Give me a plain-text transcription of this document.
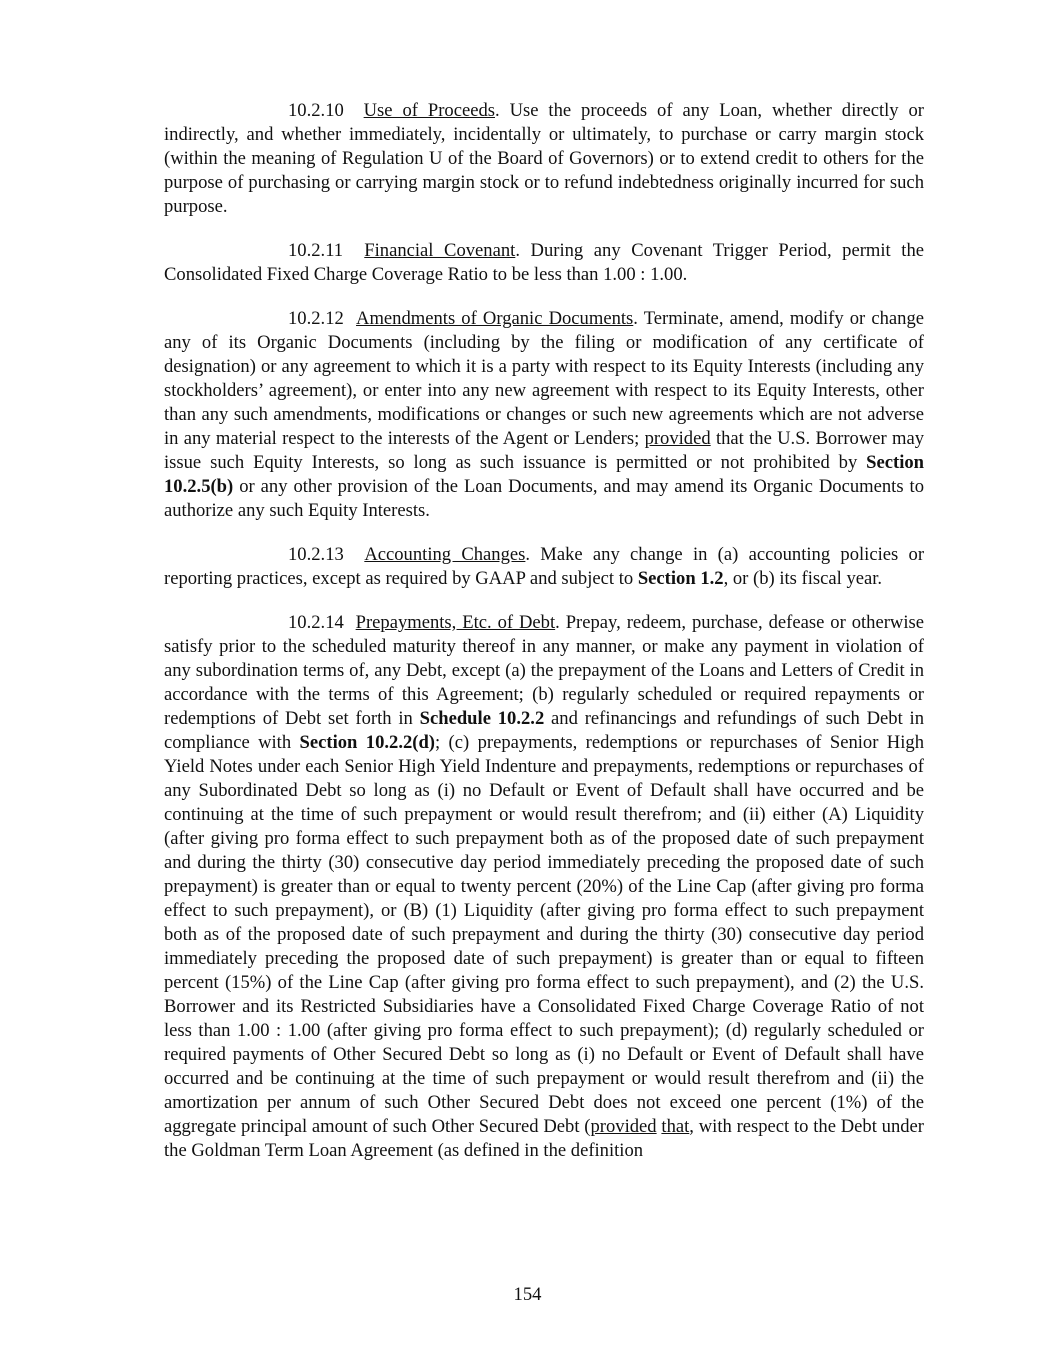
10.2.10 Use of Proceeds. Use the proceeds of any Loan, whether directly or indirectly, and whether immediately, incidentally or ultimately, to purchase or carry margin stock (within the meaning of Regulation U of the Board of Governors) or to extend credit to others for the purpose of purchasing or carrying margin stock or to refund indebtedness originally incurred for such purpose.

10.2.11 Financial Covenant. During any Covenant Trigger Period, permit the Consolidated Fixed Charge Coverage Ratio to be less than 1.00 : 1.00.

10.2.12 Amendments of Organic Documents. Terminate, amend, modify or change any of its Organic Documents (including by the filing or modification of any certificate of designation) or any agreement to which it is a party with respect to its Equity Interests (including any stockholders’ agreement), or enter into any new agreement with respect to its Equity Interests, other than any such amendments, modifications or changes or such new agreements which are not adverse in any material respect to the interests of the Agent or Lenders; provided that the U.S. Borrower may issue such Equity Interests, so long as such issuance is permitted or not prohibited by Section 10.2.5(b) or any other provision of the Loan Documents, and may amend its Organic Documents to authorize any such Equity Interests.

10.2.13 Accounting Changes. Make any change in (a) accounting policies or reporting practices, except as required by GAAP and subject to Section 1.2, or (b) its fiscal year.

10.2.14 Prepayments, Etc. of Debt. Prepay, redeem, purchase, defease or otherwise satisfy prior to the scheduled maturity thereof in any manner, or make any payment in violation of any subordination terms of, any Debt, except (a) the prepayment of the Loans and Letters of Credit in accordance with the terms of this Agreement; (b) regularly scheduled or required repayments or redemptions of Debt set forth in Schedule 10.2.2 and refinancings and refundings of such Debt in compliance with Section 10.2.2(d); (c) prepayments, redemptions or repurchases of Senior High Yield Notes under each Senior High Yield Indenture and prepayments, redemptions or repurchases of any Subordinated Debt so long as (i) no Default or Event of Default shall have occurred and be continuing at the time of such prepayment or would result therefrom; and (ii) either (A) Liquidity (after giving pro forma effect to such prepayment both as of the proposed date of such prepayment and during the thirty (30) consecutive day period immediately preceding the proposed date of such prepayment) is greater than or equal to twenty percent (20%) of the Line Cap (after giving pro forma effect to such prepayment), or (B) (1) Liquidity (after giving pro forma effect to such prepayment both as of the proposed date of such prepayment and during the thirty (30) consecutive day period immediately preceding the proposed date of such prepayment) is greater than or equal to fifteen percent (15%) of the Line Cap (after giving pro forma effect to such prepayment), and (2) the U.S. Borrower and its Restricted Subsidiaries have a Consolidated Fixed Charge Coverage Ratio of not less than 1.00 : 1.00 (after giving pro forma effect to such prepayment); (d) regularly scheduled or required payments of Other Secured Debt so long as (i) no Default or Event of Default shall have occurred and be continuing at the time of such prepayment or would result therefrom and (ii) the amortization per annum of such Other Secured Debt does not exceed one percent (1%) of the aggregate principal amount of such Other Secured Debt (provided that, with respect to the Debt under the Goldman Term Loan Agreement (as defined in the definition

154
